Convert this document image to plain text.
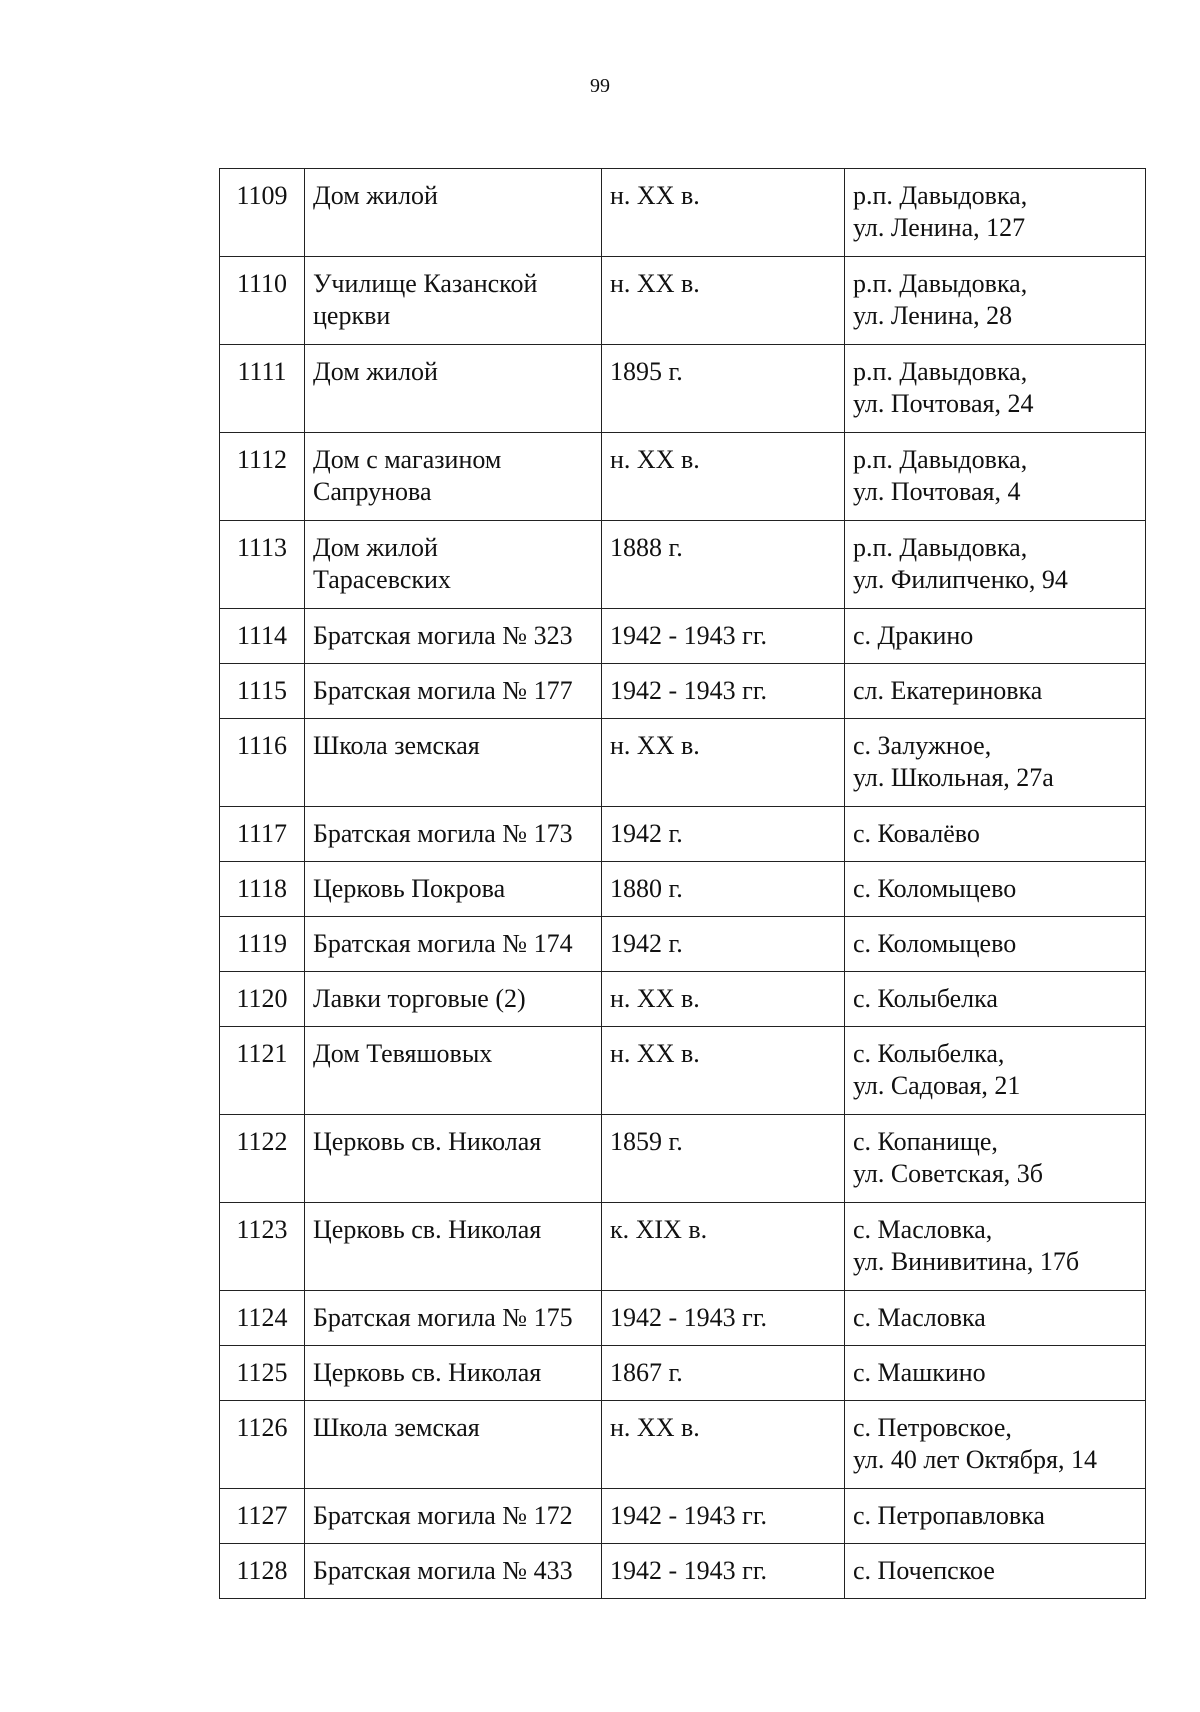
99
1109	Дом жилой	н. XX в.	р.п. Давыдовка,
ул. Ленина, 127
1110	Училище Казанской
церкви	н. XX в.	р.п. Давыдовка,
ул. Ленина, 28
1111	Дом жилой	1895 г.	р.п. Давыдовка,
ул. Почтовая, 24
1112	Дом с магазином
Сапрунова	н. XX в.	р.п. Давыдовка,
ул. Почтовая, 4
1113	Дом жилой
Тарасевских	1888 г.	р.п. Давыдовка,
ул. Филипченко, 94
1114	Братская могила № 323	1942 - 1943 гг.	с. Дракино
1115	Братская могила № 177	1942 - 1943 гг.	сл. Екатериновка
1116	Школа земская	н. XX в.	с. Залужное,
ул. Школьная, 27а
1117	Братская могила № 173	1942 г.	с. Ковалёво
1118	Церковь Покрова	1880 г.	с. Коломыцево
1119	Братская могила № 174	1942 г.	с. Коломыцево
1120	Лавки торговые (2)	н. XX в.	с. Колыбелка
1121	Дом Тевяшовых	н. XX в.	с. Колыбелка,
ул. Садовая, 21
1122	Церковь св. Николая	1859 г.	с. Копанище,
ул. Советская, 3б
1123	Церковь св. Николая	к. XIX в.	с. Масловка,
ул. Винивитина, 17б
1124	Братская могила № 175	1942 - 1943 гг.	с. Масловка
1125	Церковь св. Николая	1867 г.	с. Машкино
1126	Школа земская	н. XX в.	с. Петровское,
ул. 40 лет Октября, 14
1127	Братская могила № 172	1942 - 1943 гг.	с. Петропавловка
1128	Братская могила № 433	1942 - 1943 гг.	с. Почепское
